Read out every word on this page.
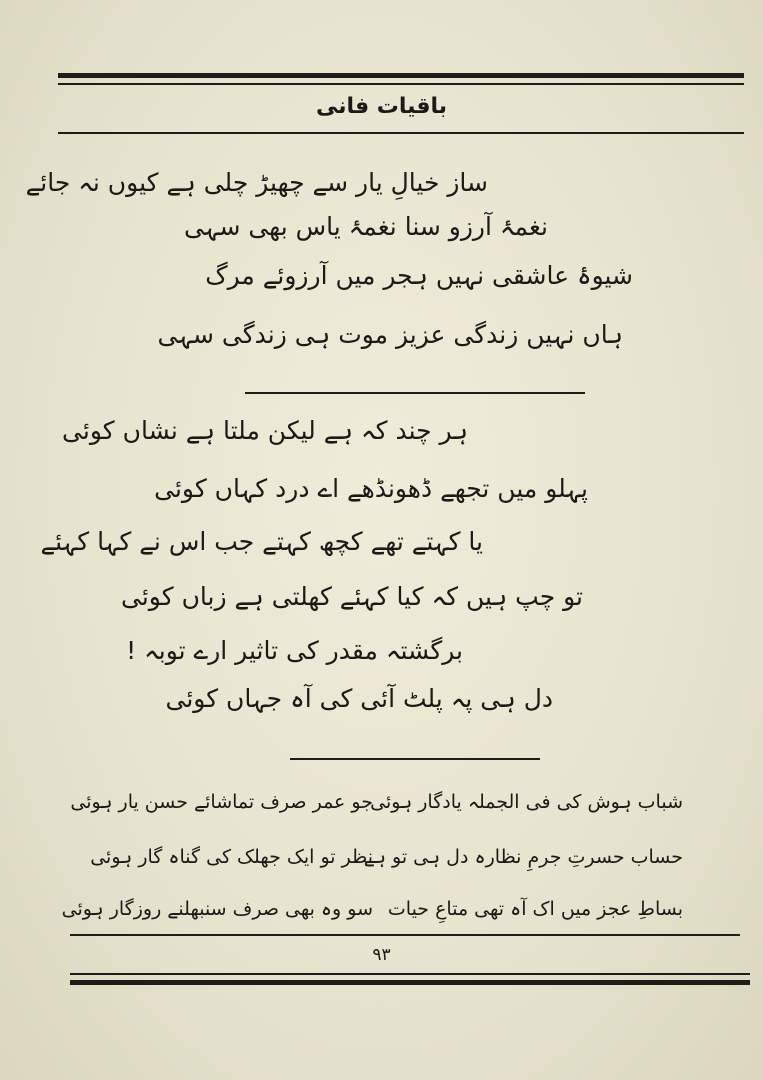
باقیات فانی
ساز خیالِ یار سے چھیڑ چلی ہے کیوں نہ جائے
نغمۂ آرزو سنا نغمۂ یاس بھی سہی
شیوۂ عاشقی نہیں ہجر میں آرزوئے مرگ
ہاں نہیں زندگی عزیز موت ہی زندگی سہی
ہر چند کہ ہے لیکن ملتا ہے نشاں کوئی
پہلو میں تجھے ڈھونڈھے اے درد کہاں کوئی
یا کہتے تھے کچھ کہتے جب اس نے کہا کہئے
تو چپ ہیں کہ کیا کہئے کھلتی ہے زباں کوئی
برگشتہ مقدر کی تاثیر ارے توبہ !
دل ہی پہ پلٹ آئی کی آہ جہاں کوئی
شباب ہوش کی فی الجملہ یادگار ہوئی
جو عمر صرف تماشائے حسن یار ہوئی
حساب حسرتِ جرمِ نظارہ دل ہی تو ہے
نظر تو ایک جھلک کی گناہ گار ہوئی
بساطِ عجز میں اک آہ تھی متاعِ حیات
سو وہ بھی صرف سنبھلنے روزگار ہوئی
۹۳
